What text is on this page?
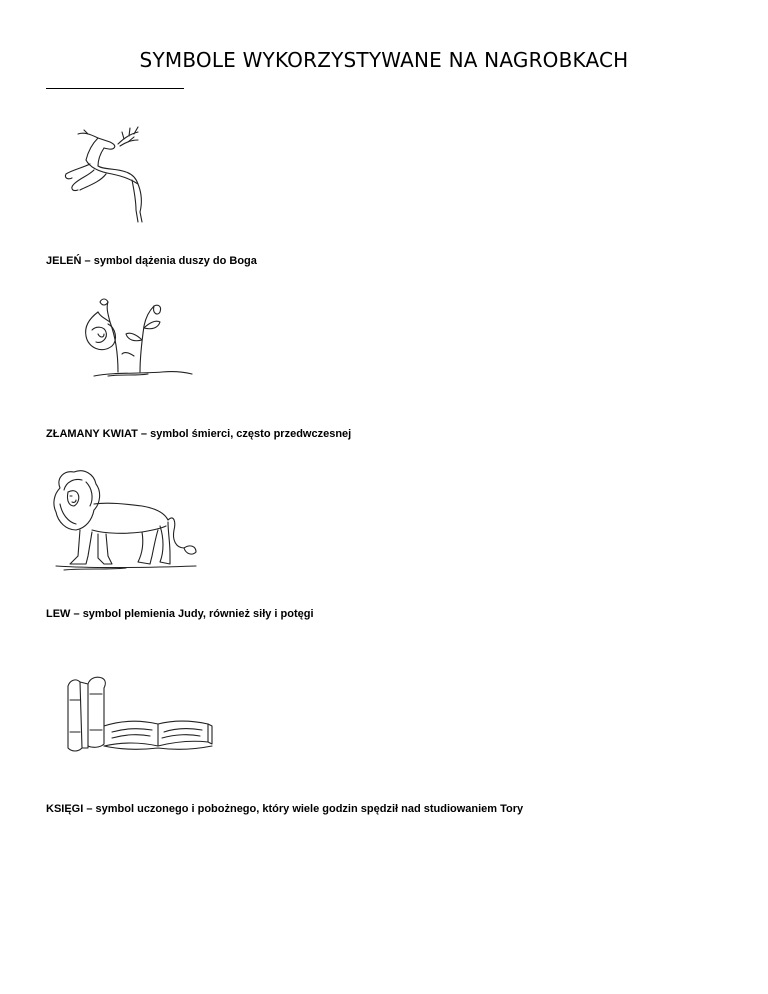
SYMBOLE WYKORZYSTYWANE NA NAGROBKACH
JELEŃ – symbol dążenia duszy do Boga
ZŁAMANY KWIAT – symbol śmierci, często przedwczesnej
LEW – symbol plemienia Judy, również siły i potęgi
KSIĘGI – symbol uczonego i pobożnego, który wiele godzin spędził nad studiowaniem Tory
